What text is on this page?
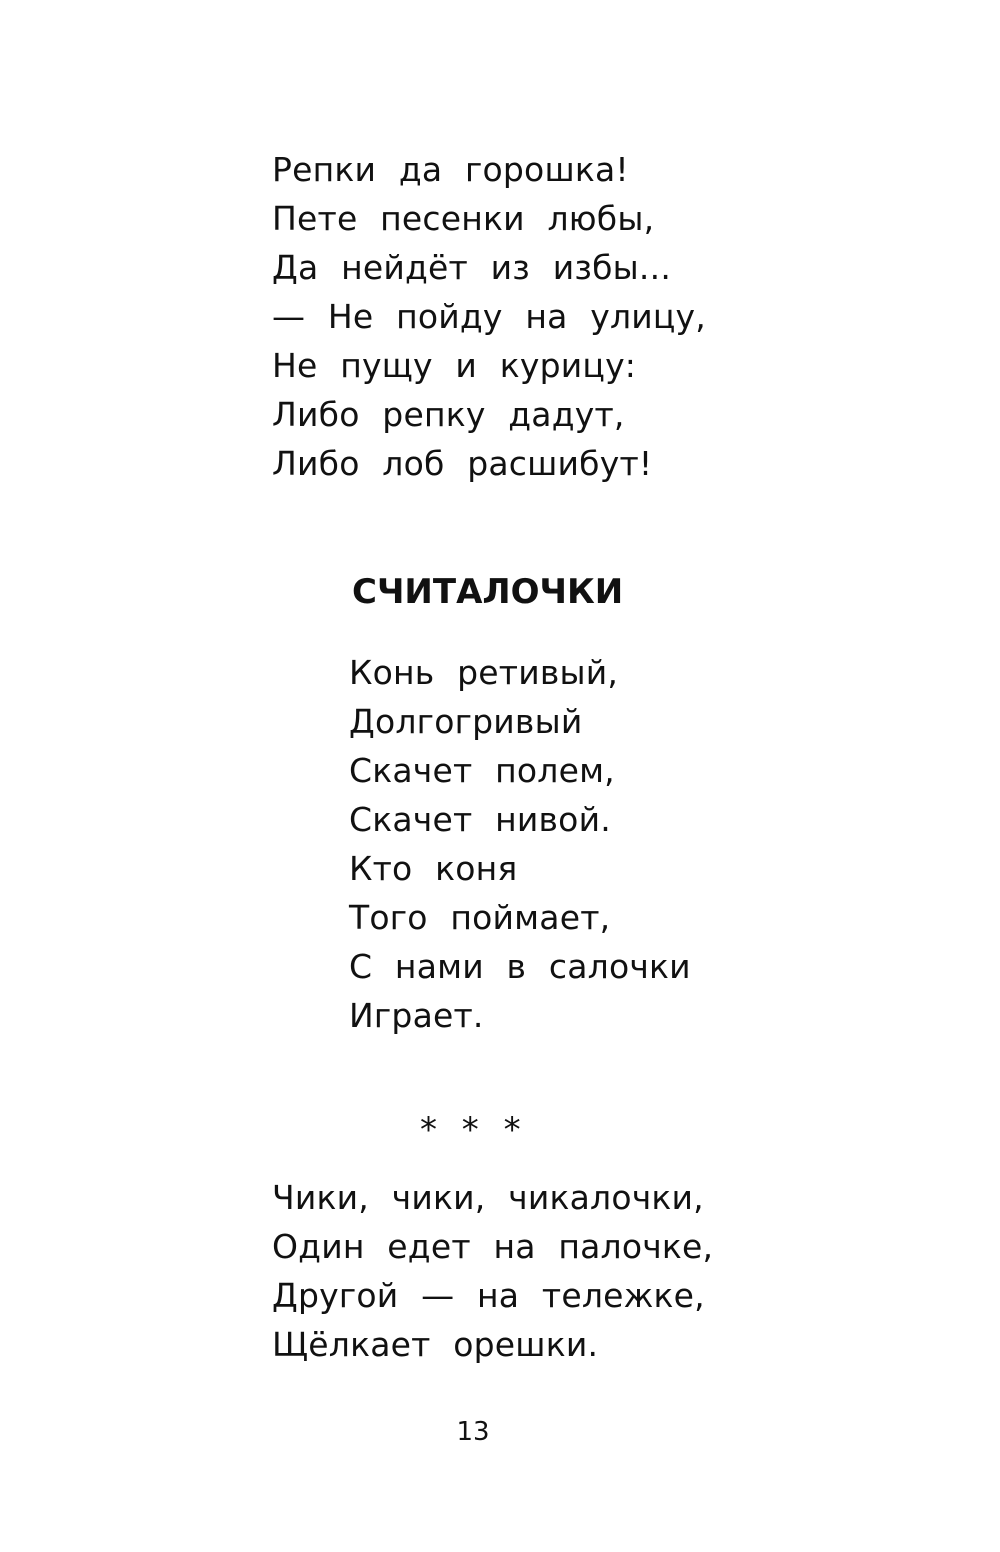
Репки да горошка!
Пете песенки любы,
Да нейдёт из избы...
— Не пойду на улицу,
Не пущу и курицу:
Либо репку дадут,
Либо лоб расшибут!
СЧИТАЛОЧКИ
Конь ретивый,
Долгогривый
Скачет полем,
Скачет нивой.
Кто коня
Того поймает,
С нами в салочки
Играет.
* * *
Чики, чики, чикалочки,
Один едет на палочке,
Другой — на тележке,
Щёлкает орешки.
13
